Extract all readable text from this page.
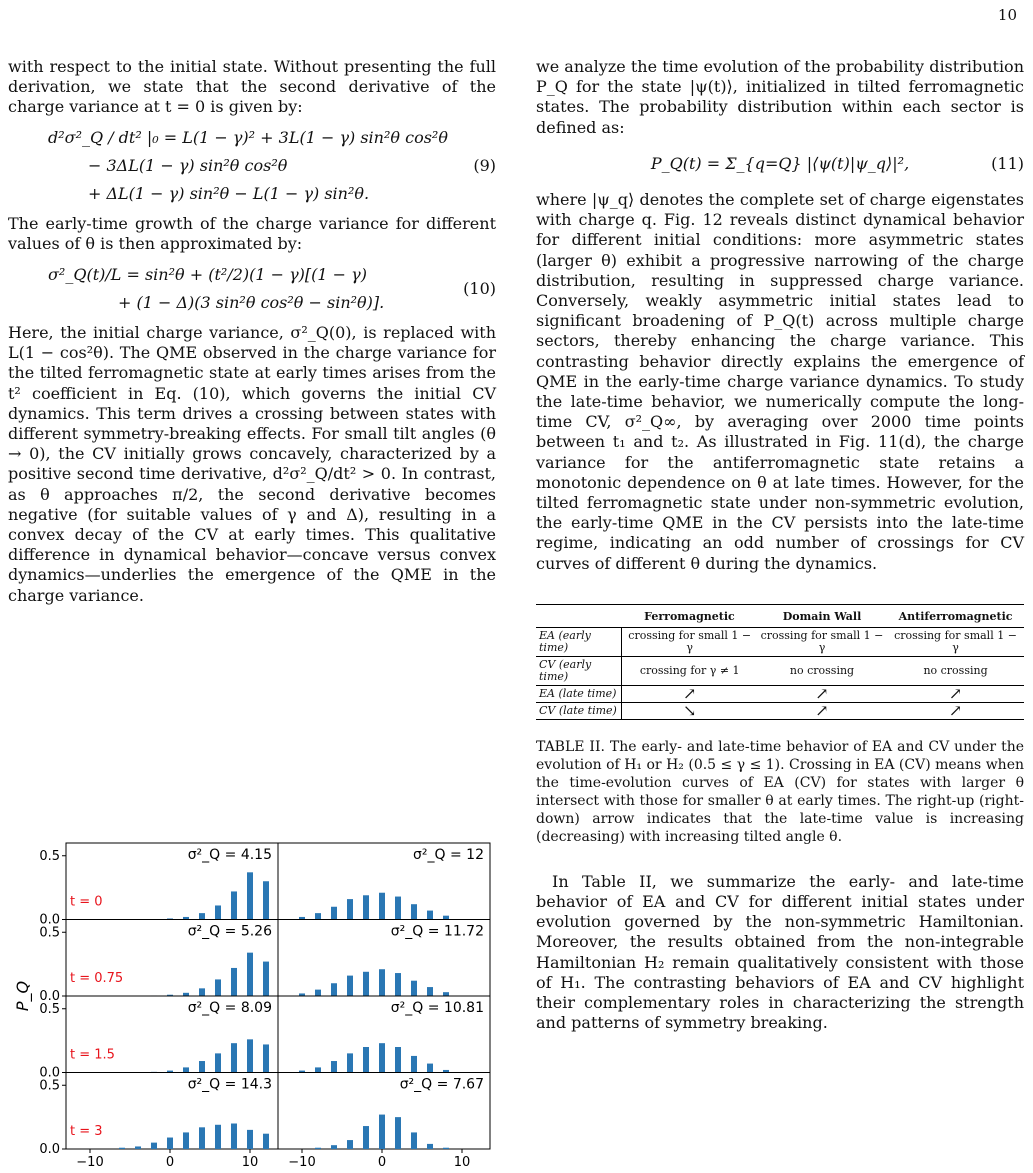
10

with respect to the initial state. Without presenting the full derivation, we state that the second derivative of the charge variance at t = 0 is given by:

d²σ²_Q / dt² |₀ = L(1 − γ)² + 3L(1 − γ) sin²θ cos²θ
− 3ΔL(1 − γ) sin²θ cos²θ
+ ΔL(1 − γ) sin²θ − L(1 − γ) sin²θ.
(9)

The early-time growth of the charge variance for different values of θ is then approximated by:

σ²_Q(t)/L = sin²θ + (t²/2)(1 − γ)[(1 − γ)
+ (1 − Δ)(3 sin²θ cos²θ − sin²θ)].
(10)

Here, the initial charge variance, σ²_Q(0), is replaced with L(1 − cos²θ). The QME observed in the charge variance for the tilted ferromagnetic state at early times arises from the t² coefficient in Eq. (10), which governs the initial CV dynamics. This term drives a crossing between states with different symmetry-breaking effects. For small tilt angles (θ → 0), the CV initially grows concavely, characterized by a positive second time derivative, d²σ²_Q/dt² > 0. In contrast, as θ approaches π/2, the second derivative becomes negative (for suitable values of γ and Δ), resulting in a convex decay of the CV at early times. This qualitative difference in dynamical behavior—concave versus convex dynamics—underlies the emergence of the QME in the charge variance.

σ²_Q = 4.15	σ²_Q = 12
t = 0
0.0
0.5
σ²_Q = 5.26	σ²_Q = 11.72
t = 0.75
0.0
0.5
σ²_Q = 8.09	σ²_Q = 10.81
t = 1.5
0.0
0.5
σ²_Q = 14.3	σ²_Q = 7.67
t = 3
0.0
0.5
−10	0	10 −10	0	10
P_Q

we analyze the time evolution of the probability distribution P_Q for the state |ψ(t)⟩, initialized in tilted ferromagnetic states. The probability distribution within each sector is defined as:

P_Q(t) = Σ_{q=Q} |⟨ψ(t)|ψ_q⟩|²,	(11)

where |ψ_q⟩ denotes the complete set of charge eigenstates with charge q. Fig. 12 reveals distinct dynamical behavior for different initial conditions: more asymmetric states (larger θ) exhibit a progressive narrowing of the charge distribution, resulting in suppressed charge variance. Conversely, weakly asymmetric initial states lead to significant broadening of P_Q(t) across multiple charge sectors, thereby enhancing the charge variance. This contrasting behavior directly explains the emergence of QME in the early-time charge variance dynamics. To study the late-time behavior, we numerically compute the long-time CV, σ²_Q∞, by averaging over 2000 time points between t₁ and t₂. As illustrated in Fig. 11(d), the charge variance for the antiferromagnetic state retains a monotonic dependence on θ at late times. However, for the tilted ferromagnetic state under non-symmetric evolution, the early-time QME in the CV persists into the late-time regime, indicating an odd number of crossings for CV curves of different θ during the dynamics.

	Ferromagnetic	Domain Wall	Antiferromagnetic
EA (early time)	crossing for small 1 − γ	crossing for small 1 − γ	crossing for small 1 − γ
CV (early time)	crossing for γ ≠ 1	no crossing	no crossing
EA (late time)	↗	↗	↗
CV (late time)	↘	↗	↗
TABLE II. The early- and late-time behavior of EA and CV under the evolution of H₁ or H₂ (0.5 ≤ γ ≤ 1). Crossing in EA (CV) means when the time-evolution curves of EA (CV) for states with larger θ intersect with those for smaller θ at early times. The right-up (right-down) arrow indicates that the late-time value is increasing (decreasing) with increasing tilted angle θ.

In Table II, we summarize the early- and late-time behavior of EA and CV for different initial states under evolution governed by the non-symmetric Hamiltonian. Moreover, the results obtained from the non-integrable Hamiltonian H₂ remain qualitatively consistent with those of H₁. The contrasting behaviors of EA and CV highlight their complementary roles in characterizing the strength and patterns of symmetry breaking.
